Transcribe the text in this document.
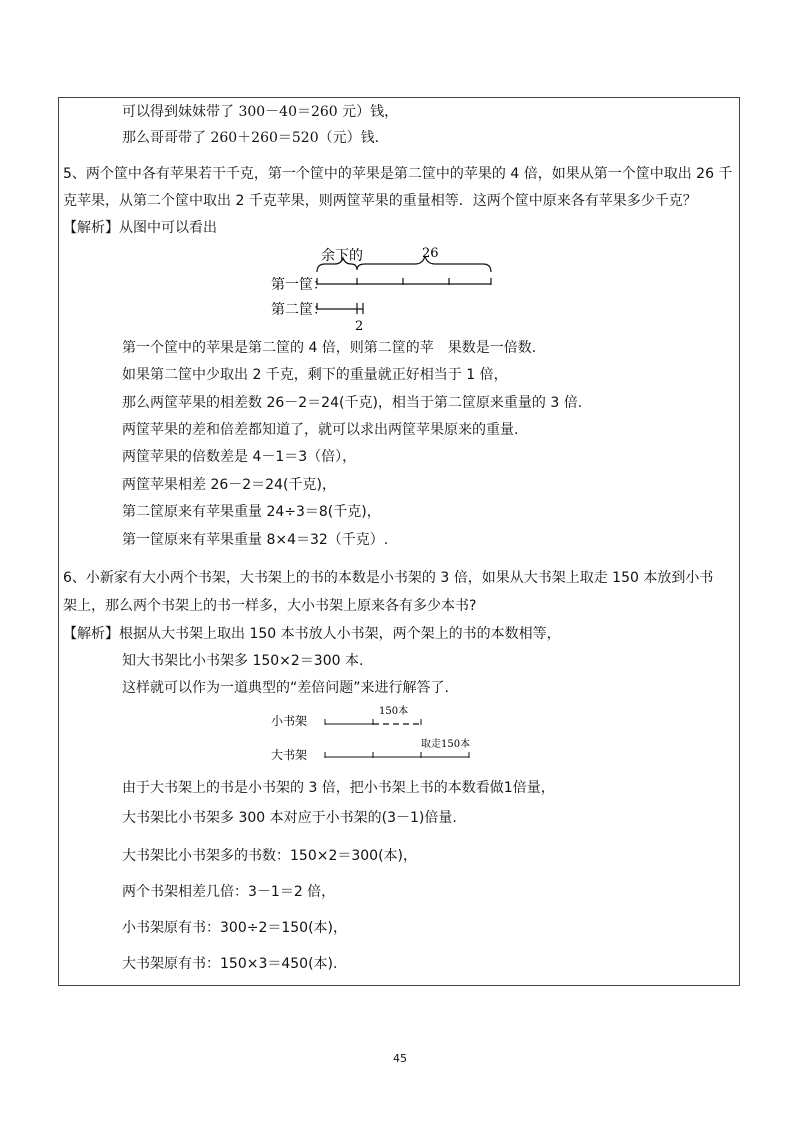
可以得到妹妹带了 300－40＝260 元）钱，
那么哥哥带了 260＋260＝520（元）钱.
5、两个筐中各有苹果若干千克，第一个筐中的苹果是第二筐中的苹果的 4 倍，如果从第一个筐中取出 26 千
克苹果，从第二个筐中取出 2 千克苹果，则两筐苹果的重量相等．这两个筐中原来各有苹果多少千克？
【解析】从图中可以看出
余下的	26
第一筐：
第二筐：
2
第一个筐中的苹果是第二筐的 4 倍，则第二筐的苹　果数是一倍数.
如果第二筐中少取出 2 千克，剩下的重量就正好相当于 1 倍，
那么两筐苹果的相差数 26－2＝24(千克)，相当于第二筐原来重量的 3 倍.
两筐苹果的差和倍差都知道了，就可以求出两筐苹果原来的重量.
两筐苹果的倍数差是 4－1＝3（倍），
两筐苹果相差 26－2＝24(千克)，
第二筐原来有苹果重量 24÷3＝8(千克)，
第一筐原来有苹果重量 8×4＝32（千克）.
6、小新家有大小两个书架，大书架上的书的本数是小书架的 3 倍，如果从大书架上取走 150 本放到小书
架上，那么两个书架上的书一样多，大小书架上原来各有多少本书?
【解析】根据从大书架上取出 150 本书放人小书架，两个架上的书的本数相等，
知大书架比小书架多 150×2＝300 本.
这样就可以作为一道典型的“差倍问题”来进行解答了.
小书架
150本
大书架
取走150本
由于大书架上的书是小书架的 3 倍，把小书架上书的本数看做1倍量，
大书架比小书架多 300 本对应于小书架的(3－1)倍量.
大书架比小书架多的书数：150×2＝300(本)，
两个书架相差几倍：3－1＝2 倍，
小书架原有书：300÷2＝150(本)，
大书架原有书：150×3＝450(本).
45
